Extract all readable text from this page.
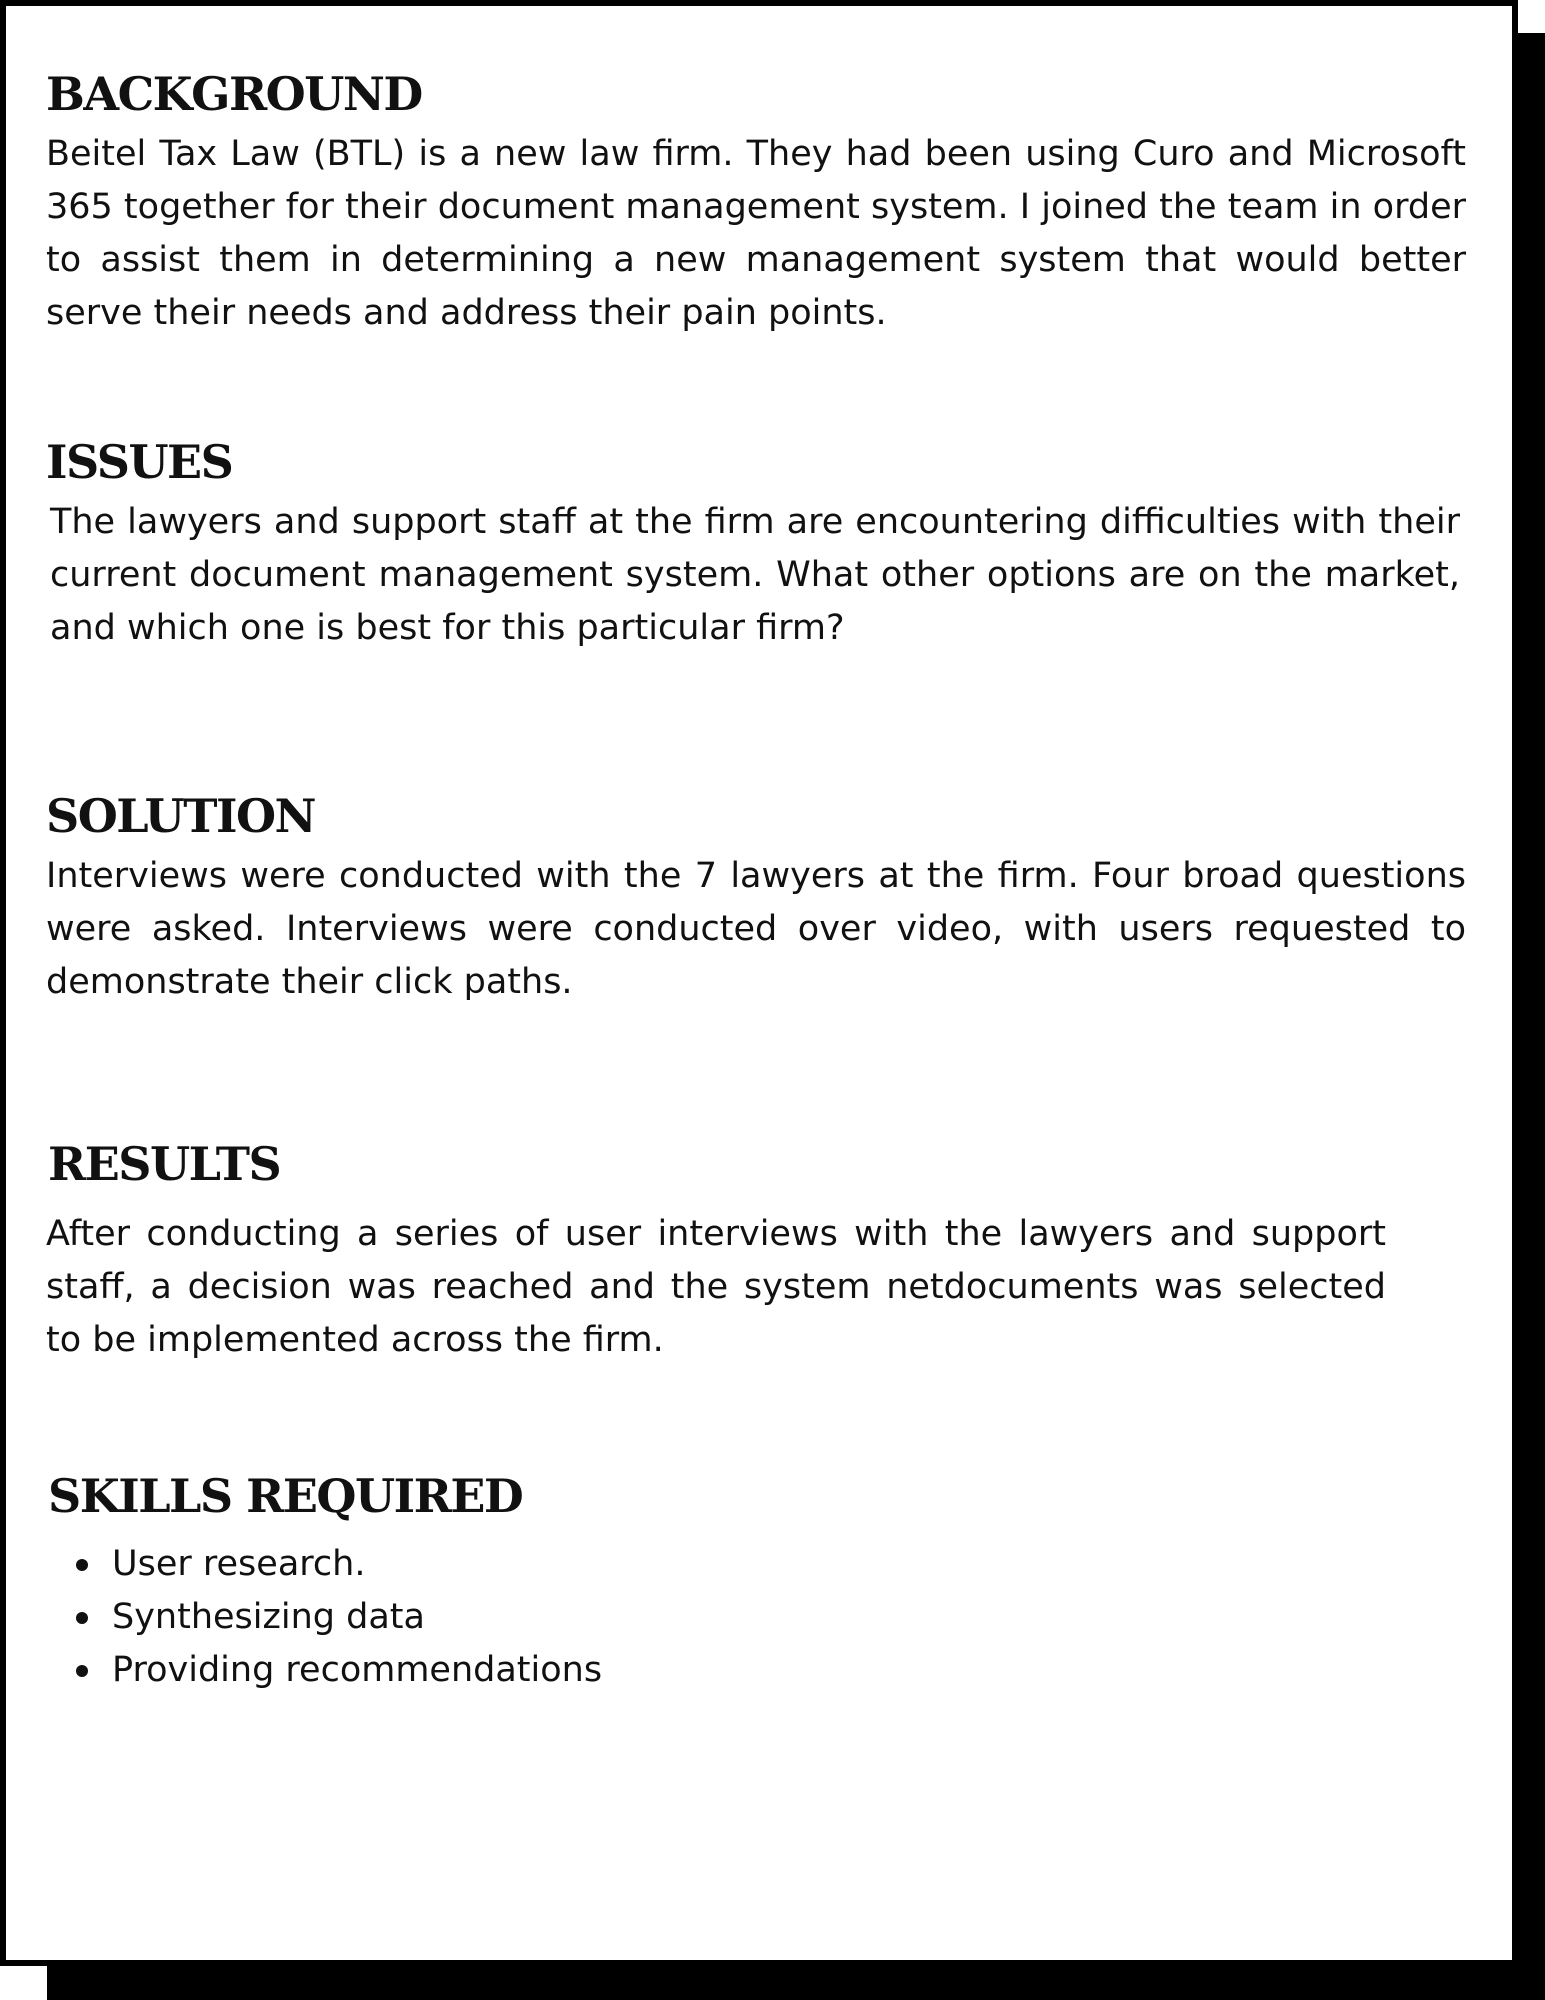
BACKGROUND

Beitel Tax Law (BTL) is a new law firm. They had been using Curo and Microsoft 365 together for their document management system. I joined the team in order to assist them in determining a new management system that would better serve their needs and address their pain points.

ISSUES

The lawyers and support staff at the firm are encountering difficulties with their current document management system. What other options are on the market, and which one is best for this particular firm?

SOLUTION

Interviews were conducted with the 7 lawyers at the firm. Four broad questions were asked. Interviews were conducted over video, with users requested to demonstrate their click paths.

RESULTS

After conducting a series of user interviews with the lawyers and support staff, a decision was reached and the system netdocuments was selected to be implemented across the firm.

SKILLS REQUIRED
User research.
Synthesizing data
Providing recommendations
